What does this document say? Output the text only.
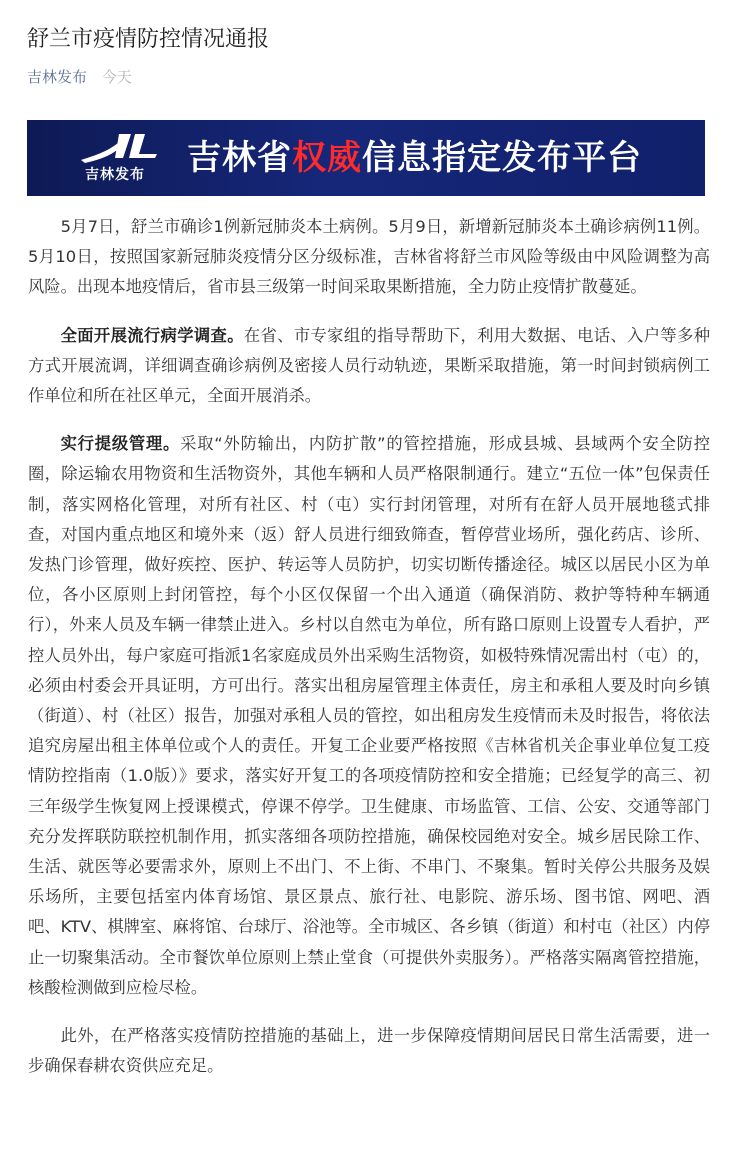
舒兰市疫情防控情况通报
吉林发布 今天
吉林发布 吉林省权威信息指定发布平台

5月7日，舒兰市确诊1例新冠肺炎本土病例。5月9日，新增新冠肺炎本土确诊病例11例。5月10日，按照国家新冠肺炎疫情分区分级标准，吉林省将舒兰市风险等级由中风险调整为高风险。出现本地疫情后，省市县三级第一时间采取果断措施，全力防止疫情扩散蔓延。

全面开展流行病学调查。在省、市专家组的指导帮助下，利用大数据、电话、入户等多种方式开展流调，详细调查确诊病例及密接人员行动轨迹，果断采取措施，第一时间封锁病例工作单位和所在社区单元，全面开展消杀。

实行提级管理。采取“外防输出，内防扩散”的管控措施，形成县城、县域两个安全防控圈，除运输农用物资和生活物资外，其他车辆和人员严格限制通行。建立“五位一体”包保责任制，落实网格化管理，对所有社区、村（屯）实行封闭管理，对所有在舒人员开展地毯式排查，对国内重点地区和境外来（返）舒人员进行细致筛查，暂停营业场所，强化药店、诊所、发热门诊管理，做好疾控、医护、转运等人员防护，切实切断传播途径。城区以居民小区为单位，各小区原则上封闭管控，每个小区仅保留一个出入通道（确保消防、救护等特种车辆通行），外来人员及车辆一律禁止进入。乡村以自然屯为单位，所有路口原则上设置专人看护，严控人员外出，每户家庭可指派1名家庭成员外出采购生活物资，如极特殊情况需出村（屯）的，必须由村委会开具证明，方可出行。落实出租房屋管理主体责任，房主和承租人要及时向乡镇（街道）、村（社区）报告，加强对承租人员的管控，如出租房发生疫情而未及时报告，将依法追究房屋出租主体单位或个人的责任。开复工企业要严格按照《吉林省机关企事业单位复工疫情防控指南（1.0版）》要求，落实好开复工的各项疫情防控和安全措施；已经复学的高三、初三年级学生恢复网上授课模式，停课不停学。卫生健康、市场监管、工信、公安、交通等部门充分发挥联防联控机制作用，抓实落细各项防控措施，确保校园绝对安全。城乡居民除工作、生活、就医等必要需求外，原则上不出门、不上街、不串门、不聚集。暂时关停公共服务及娱乐场所，主要包括室内体育场馆、景区景点、旅行社、电影院、游乐场、图书馆、网吧、酒吧、KTV、棋牌室、麻将馆、台球厅、浴池等。全市城区、各乡镇（街道）和村屯（社区）内停止一切聚集活动。全市餐饮单位原则上禁止堂食（可提供外卖服务）。严格落实隔离管控措施，核酸检测做到应检尽检。

此外，在严格落实疫情防控措施的基础上，进一步保障疫情期间居民日常生活需要，进一步确保春耕农资供应充足。
